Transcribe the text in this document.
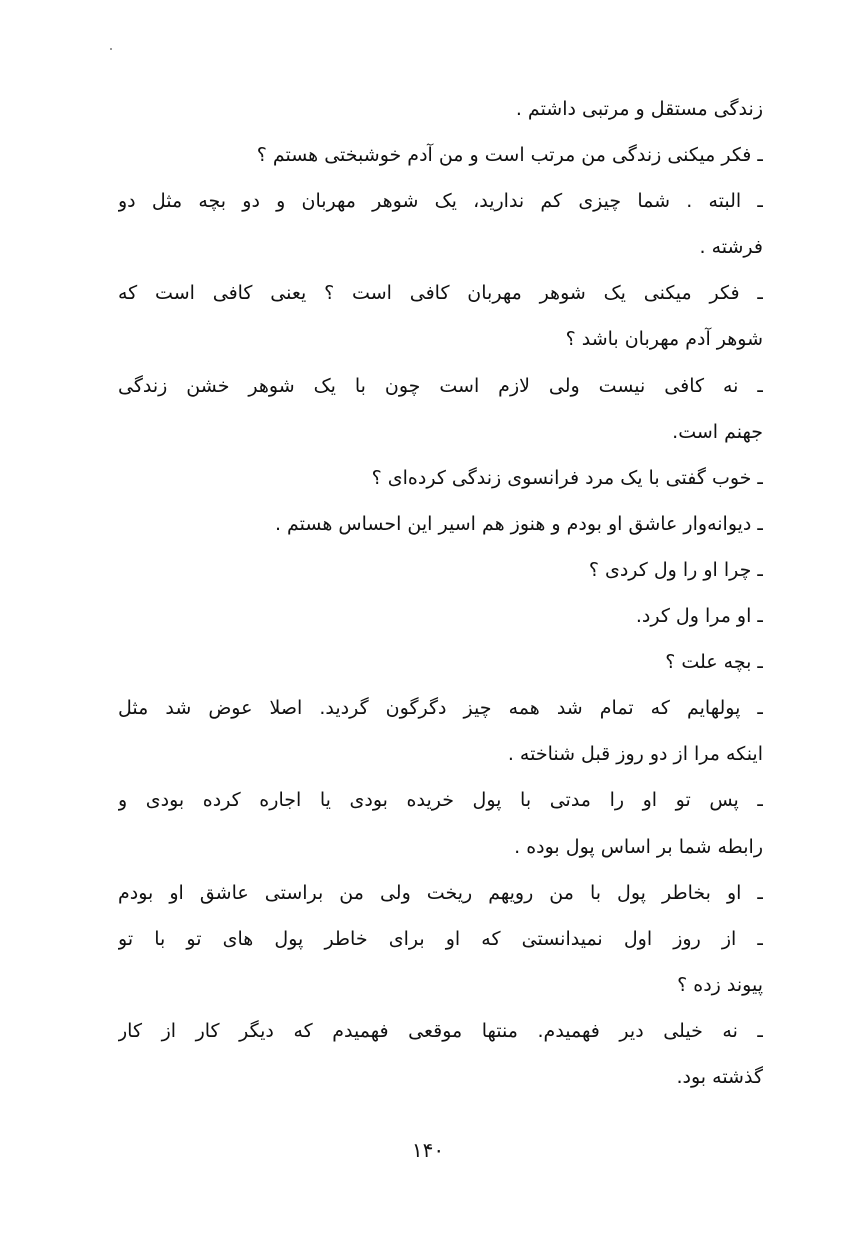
زندگی مستقل و مرتبی داشتم .
ـ فکر میکنی زندگی من مرتب است و من آدم خوشبختی هستم ؟
ـ البته . شما چیزی کم ندارید، یک شوهر مهربان و دو بچه مثل دو
فرشته .
ـ فکر میکنی یک شوهر مهربان کافی است ؟ یعنی کافی است که
شوهر آدم مهربان باشد ؟
ـ نه کافی نیست ولی لازم است چون با یک شوهر خشن زندگی
جهنم است.
ـ خوب گفتی با یک مرد فرانسوی زندگی کرده‌ای ؟
ـ دیوانه‌وار عاشق او بودم و هنوز هم اسیر این احساس هستم .
ـ چرا او را ول کردی ؟
ـ او مرا ول کرد.
ـ بچه علت ؟
ـ پولهایم که تمام شد همه چیز دگرگون گردید. اصلا عوض شد مثل
اینکه مرا از دو روز قبل شناخته .
ـ پس تو او را مدتی با پول خریده بودی یا اجاره کرده بودی و
رابطه شما بر اساس پول بوده .
ـ او بخاطر پول با من رویهم ریخت ولی من براستی عاشق او بودم
ـ از روز اول نمیدانستی که او برای خاطر پول های تو با تو
پیوند زده ؟
ـ نه خیلی دیر فهمیدم. منتها موقعی فهمیدم که دیگر کار از کار
گذشته بود.
۱۴۰
